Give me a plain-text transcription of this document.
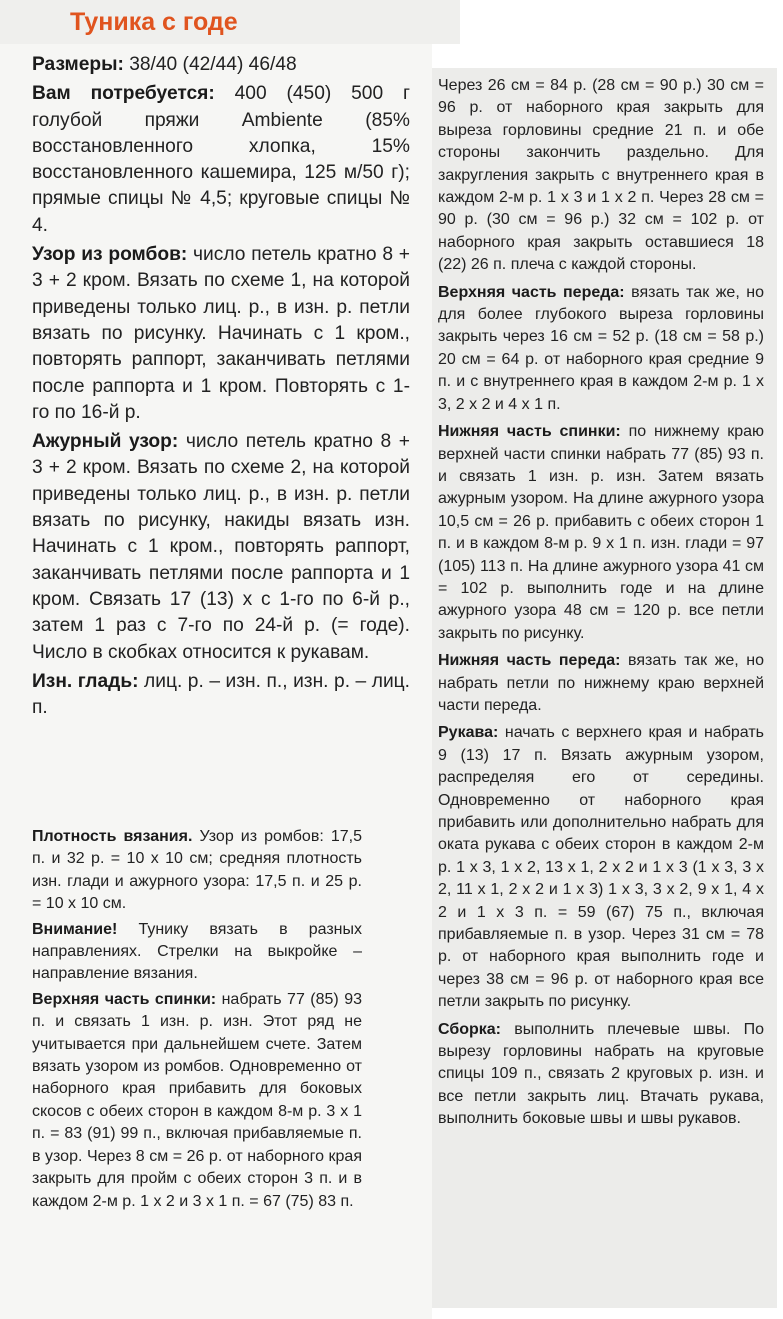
Туника с годе

Размеры: 38/40 (42/44) 46/48

Вам потребуется: 400 (450) 500 г голубой пряжи Ambiente (85% восстановленного хлопка, 15% восстановленного кашемира, 125 м/50 г); прямые спицы № 4,5; круговые спицы № 4.

Узор из ромбов: число петель кратно 8 + 3 + 2 кром. Вязать по схеме 1, на которой приведены только лиц. р., в изн. р. петли вязать по рисунку. Начинать с 1 кром., повторять раппорт, заканчивать петлями после раппорта и 1 кром. Повторять с 1-го по 16-й р.

Ажурный узор: число петель кратно 8 + 3 + 2 кром. Вязать по схеме 2, на которой приведены только лиц. р., в изн. р. петли вязать по рисунку, накиды вязать изн. Начинать с 1 кром., повторять раппорт, заканчивать петлями после раппорта и 1 кром. Связать 17 (13) х с 1-го по 6-й р., затем 1 раз с 7-го по 24-й р. (= годе). Число в скобках относится к рукавам.

Изн. гладь: лиц. р. – изн. п., изн. р. – лиц. п.

Плотность вязания. Узор из ромбов: 17,5 п. и 32 р. = 10 х 10 см; средняя плотность изн. глади и ажурного узора: 17,5 п. и 25 р. = 10 х 10 см.

Внимание! Тунику вязать в разных направлениях. Стрелки на выкройке – направление вязания.

Верхняя часть спинки: набрать 77 (85) 93 п. и связать 1 изн. р. изн. Этот ряд не учитывается при дальнейшем счете. Затем вязать узором из ромбов. Одновременно от наборного края прибавить для боковых скосов с обеих сторон в каждом 8-м р. 3 х 1 п. = 83 (91) 99 п., включая прибавляемые п. в узор. Через 8 см = 26 р. от наборного края закрыть для пройм с обеих сторон 3 п. и в каждом 2-м р. 1 х 2 и 3 х 1 п. = 67 (75) 83 п.

Через 26 см = 84 р. (28 см = 90 р.) 30 см = 96 р. от наборного края закрыть для выреза горловины средние 21 п. и обе стороны закончить раздельно. Для закругления закрыть с внутреннего края в каждом 2-м р. 1 х 3 и 1 х 2 п. Через 28 см = 90 р. (30 см = 96 р.) 32 см = 102 р. от наборного края закрыть оставшиеся 18 (22) 26 п. плеча с каждой стороны.

Верхняя часть переда: вязать так же, но для более глубокого выреза горловины закрыть через 16 см = 52 р. (18 см = 58 р.) 20 см = 64 р. от наборного края средние 9 п. и с внутреннего края в каждом 2-м р. 1 х 3, 2 х 2 и 4 х 1 п.

Нижняя часть спинки: по нижнему краю верхней части спинки набрать 77 (85) 93 п. и связать 1 изн. р. изн. Затем вязать ажурным узором. На длине ажурного узора 10,5 см = 26 р. прибавить с обеих сторон 1 п. и в каждом 8-м р. 9 х 1 п. изн. глади = 97 (105) 113 п. На длине ажурного узора 41 см = 102 р. выполнить годе и на длине ажурного узора 48 см = 120 р. все петли закрыть по рисунку.

Нижняя часть переда: вязать так же, но набрать петли по нижнему краю верхней части переда.

Рукава: начать с верхнего края и набрать 9 (13) 17 п. Вязать ажурным узором, распределяя его от середины. Одновременно от наборного края прибавить или дополнительно набрать для оката рукава с обеих сторон в каждом 2-м р. 1 х 3, 1 х 2, 13 х 1, 2 х 2 и 1 х 3 (1 х 3, 3 х 2, 11 х 1, 2 х 2 и 1 х 3) 1 х 3, 3 х 2, 9 х 1, 4 х 2 и 1 х 3 п. = 59 (67) 75 п., включая прибавляемые п. в узор. Через 31 см = 78 р. от наборного края выполнить годе и через 38 см = 96 р. от наборного края все петли закрыть по рисунку.

Сборка: выполнить плечевые швы. По вырезу горловины набрать на круговые спицы 109 п., связать 2 круговых р. изн. и все петли закрыть лиц. Втачать рукава, выполнить боковые швы и швы рукавов.
